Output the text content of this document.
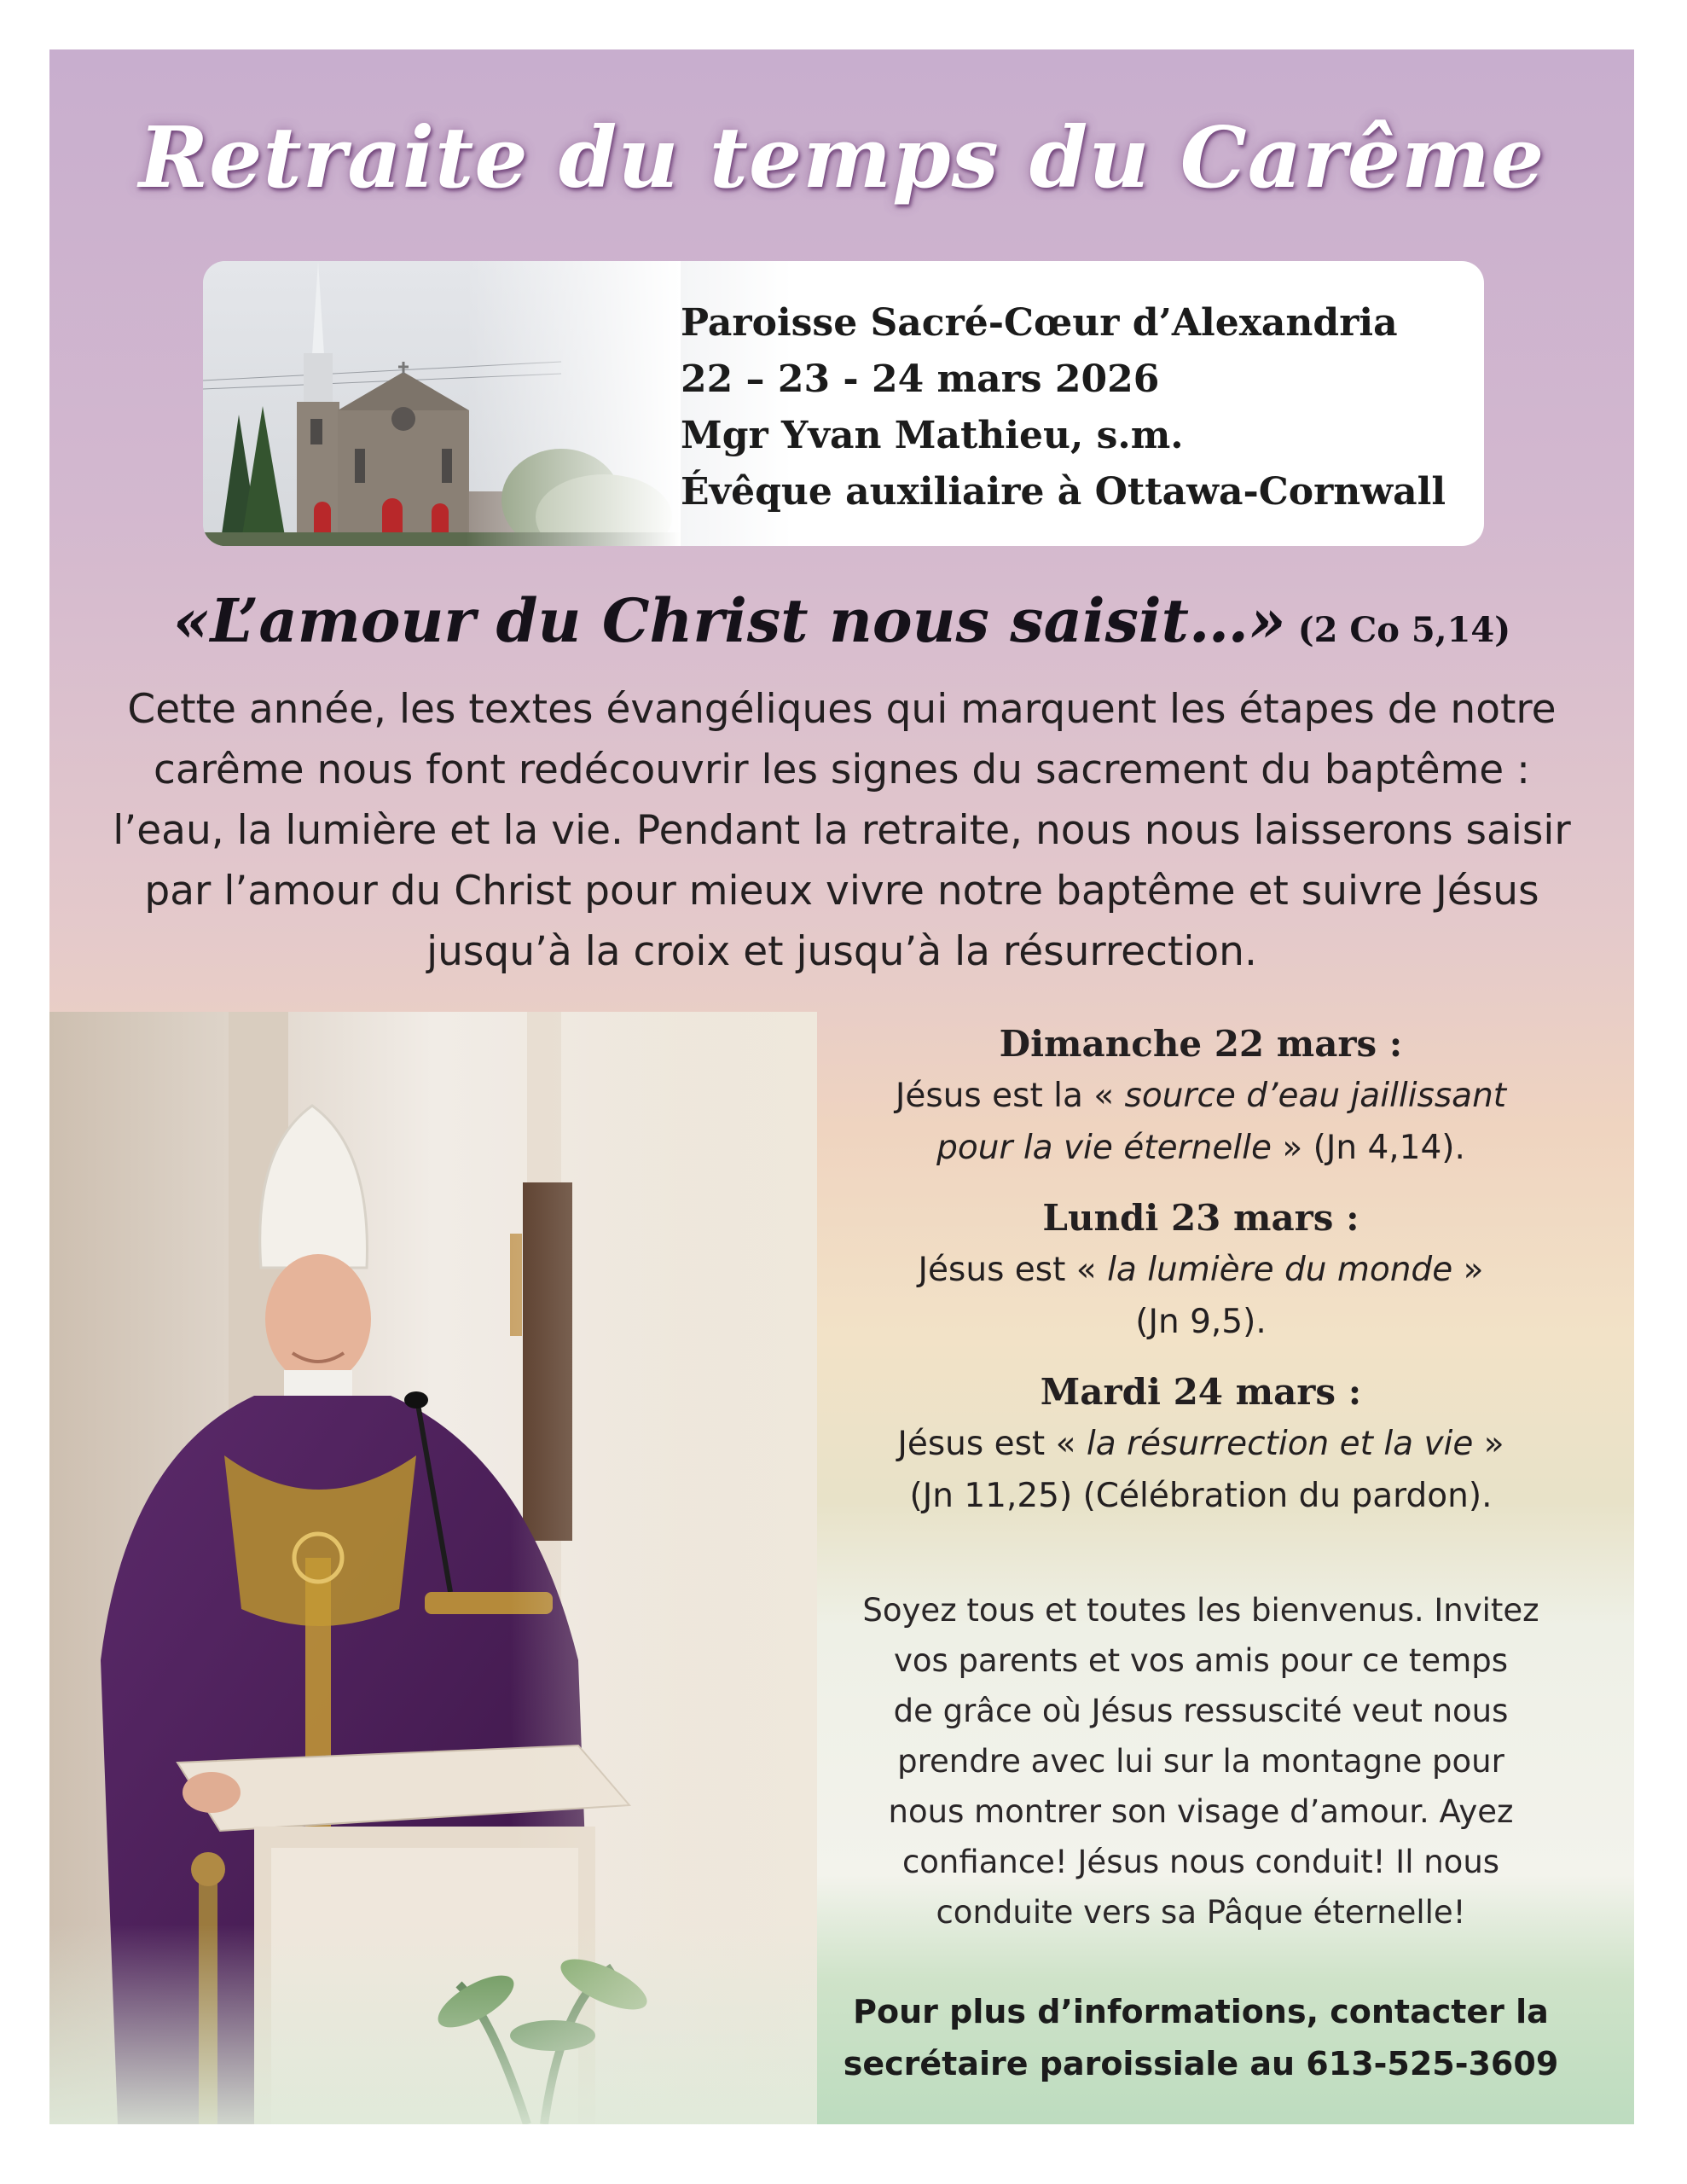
Retraite du temps du Carême
Paroisse Sacré-Cœur d’Alexandria
22 – 23 - 24 mars 2026
Mgr Yvan Mathieu, s.m.
Évêque auxiliaire à Ottawa-Cornwall
«L’amour du Christ nous saisit…» (2 Co 5,14)

Cette année, les textes évangéliques qui marquent les étapes de notre
carême nous font redécouvrir les signes du sacrement du baptême :
l’eau, la lumière et la vie. Pendant la retraite, nous nous laisserons saisir
par l’amour du Christ pour mieux vivre notre baptême et suivre Jésus
jusqu’à la croix et jusqu’à la résurrection.

Dimanche 22 mars :
Jésus est la « source d’eau jaillissant
pour la vie éternelle » (Jn 4,14).
Lundi 23 mars :
Jésus est « la lumière du monde »
(Jn 9,5).
Mardi 24 mars :
Jésus est « la résurrection et la vie »
(Jn 11,25) (Célébration du pardon).

Soyez tous et toutes les bienvenus. Invitez
vos parents et vos amis pour ce temps
de grâce où Jésus ressuscité veut nous
prendre avec lui sur la montagne pour
nous montrer son visage d’amour. Ayez
confiance! Jésus nous conduit! Il nous
conduite vers sa Pâque éternelle!

Pour plus d’informations, contacter la
secrétaire paroissiale au 613-525-3609
